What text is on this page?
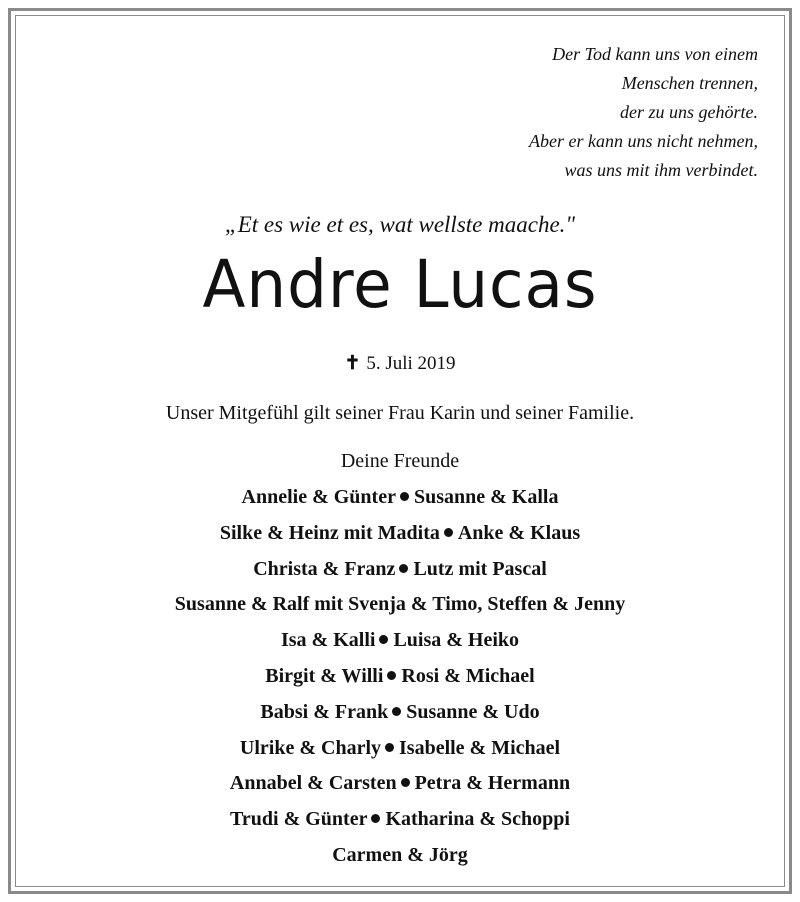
Der Tod kann uns von einem
Menschen trennen,
der zu uns gehörte.
Aber er kann uns nicht nehmen,
was uns mit ihm verbindet.
„Et es wie et es, wat wellste maache."
Andre Lucas
✝ 5. Juli 2019
Unser Mitgefühl gilt seiner Frau Karin und seiner Familie.
Deine Freunde
Annelie & Günter Susanne & Kalla
Silke & Heinz mit Madita Anke & Klaus
Christa & Franz Lutz mit Pascal
Susanne & Ralf mit Svenja & Timo, Steffen & Jenny
Isa & Kalli Luisa & Heiko
Birgit & Willi Rosi & Michael
Babsi & Frank Susanne & Udo
Ulrike & Charly Isabelle & Michael
Annabel & Carsten Petra & Hermann
Trudi & Günter Katharina & Schoppi
Carmen & Jörg
